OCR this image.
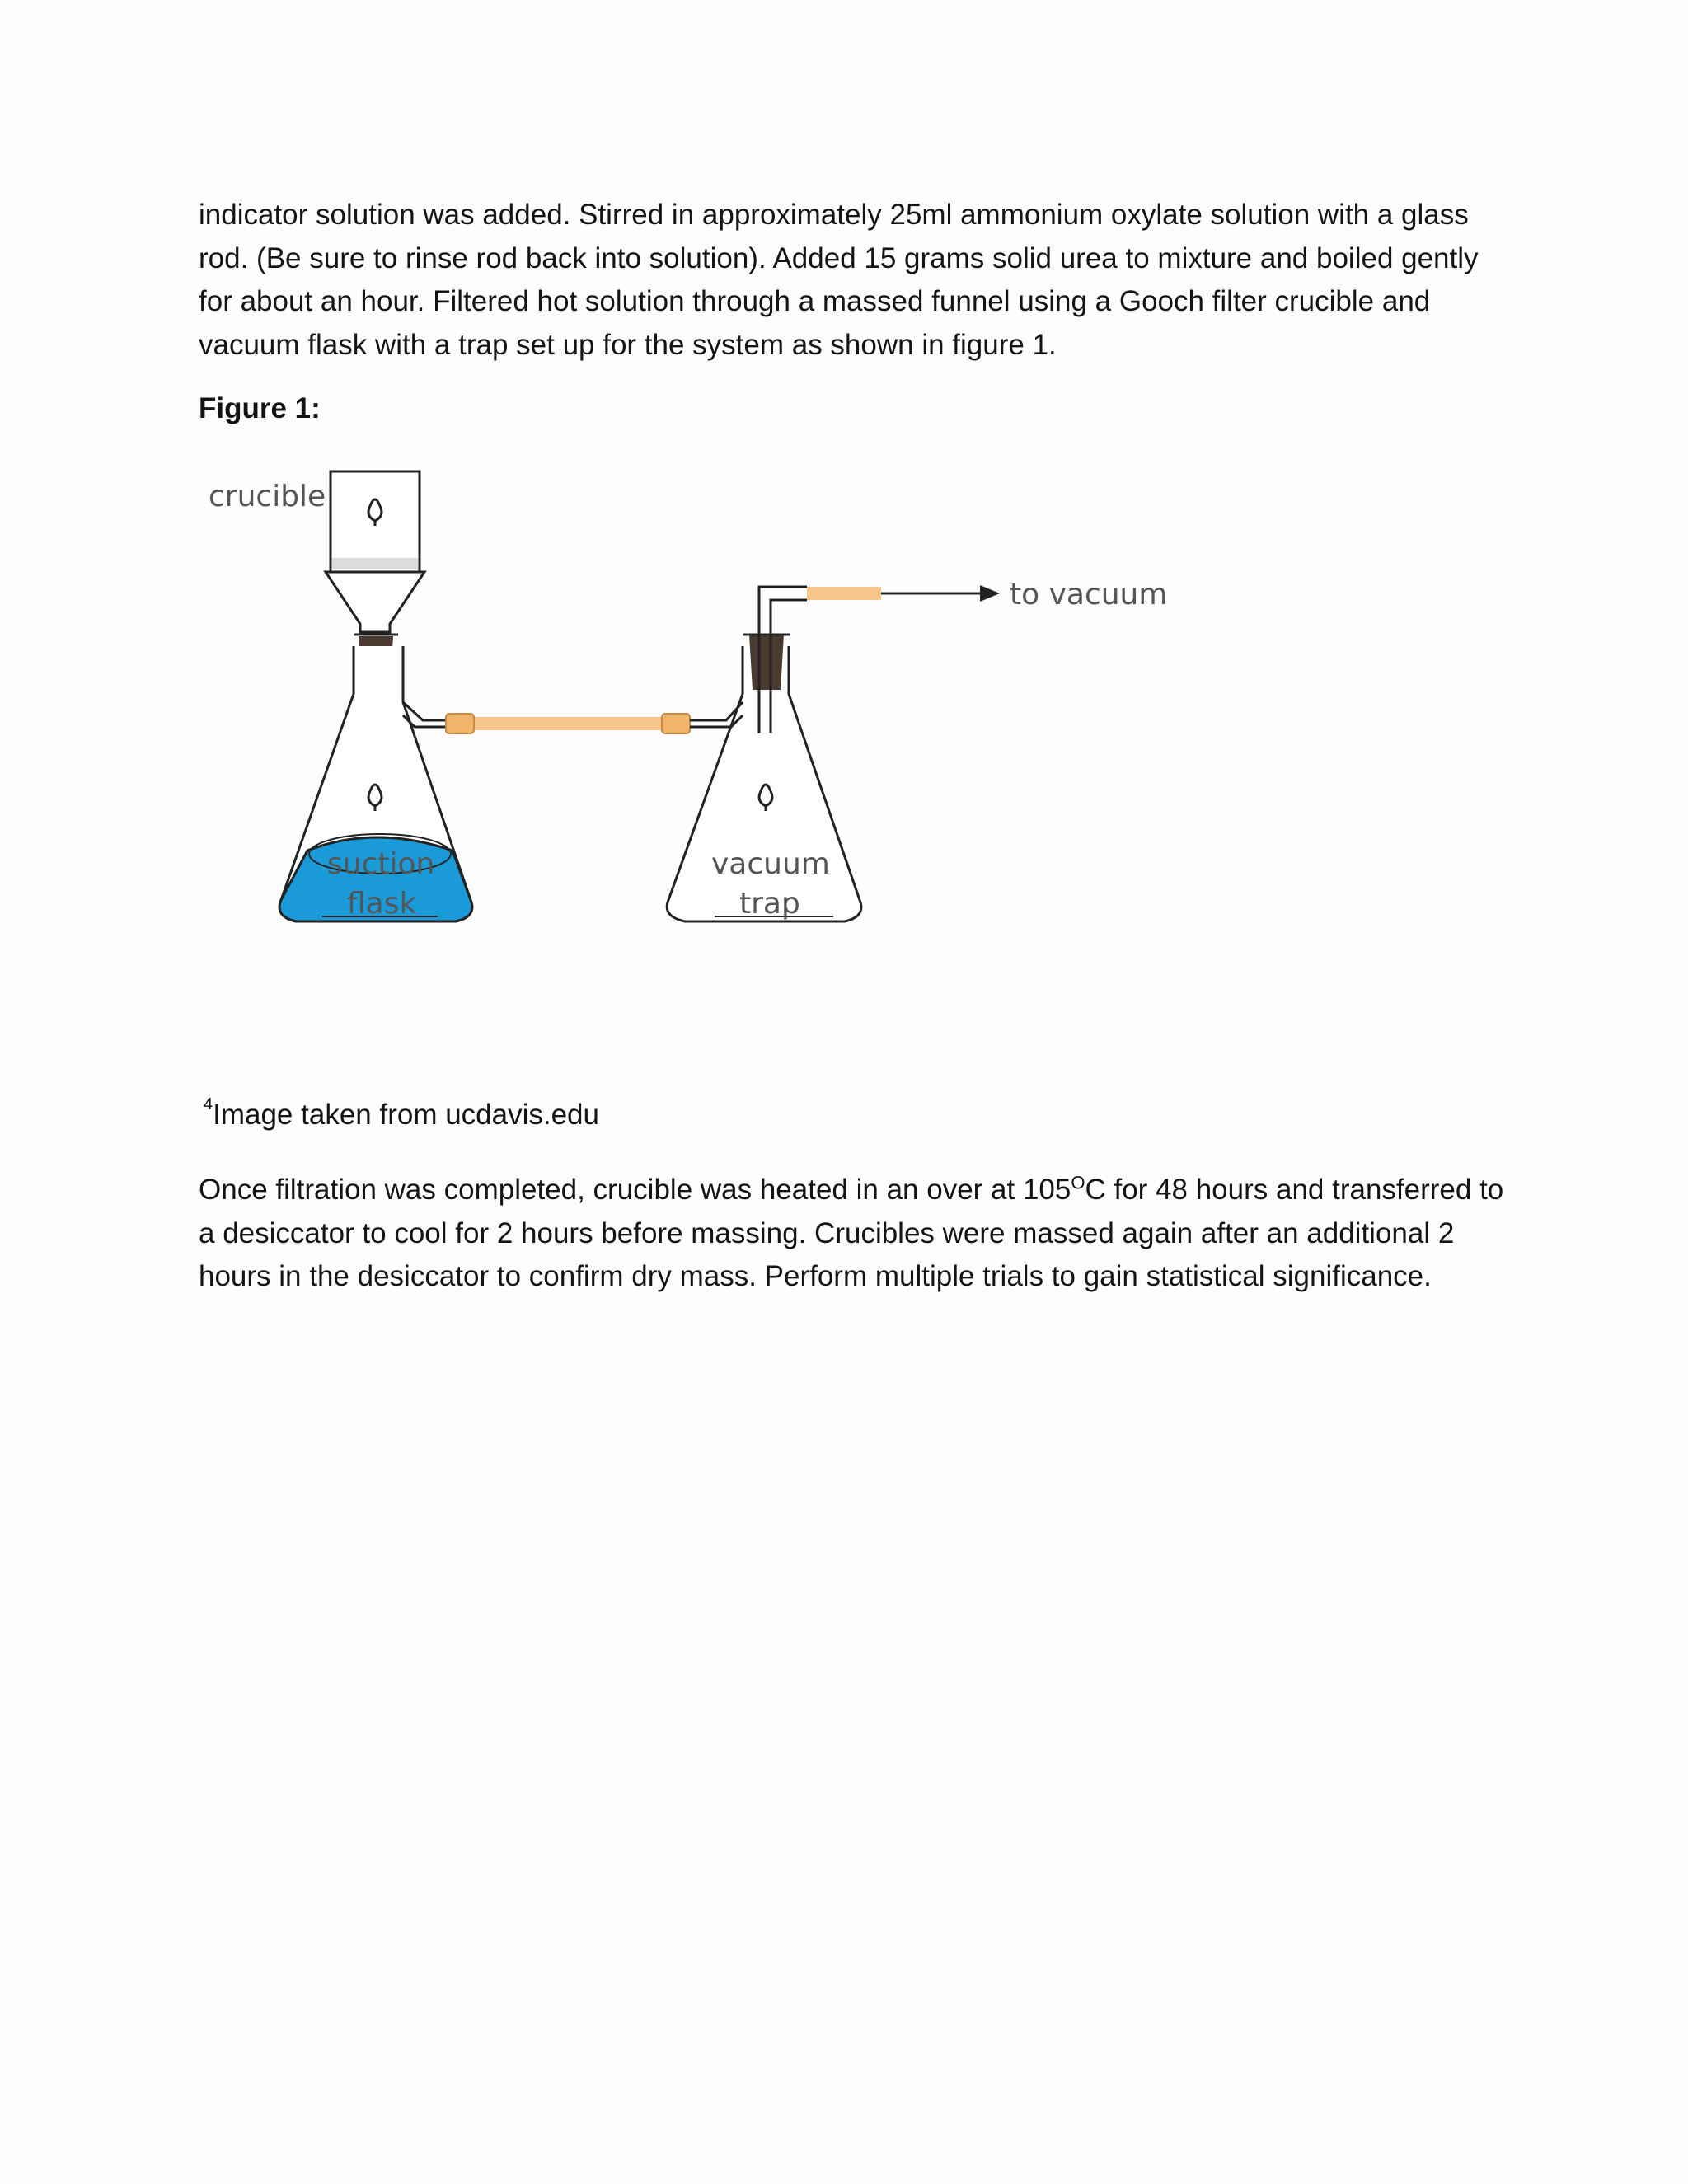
indicator solution was added. Stirred in approximately 25ml ammonium oxylate solution with a glass rod. (Be sure to rinse rod back into solution). Added 15 grams solid urea to mixture and boiled gently for about an hour. Filtered hot solution through a massed funnel using a Gooch filter crucible and vacuum flask with a trap set up for the system as shown in figure 1.

Figure 1:

crucible
suction
flask
vacuum
trap
to vacuum

$^4$Image taken from ucdavis.edu

Once filtration was completed, crucible was heated in an over at $105^OC$ for 48 hours and transferred to a desiccator to cool for 2 hours before massing. Crucibles were massed again after an additional 2 hours in the desiccator to confirm dry mass. Perform multiple trials to gain statistical significance.
